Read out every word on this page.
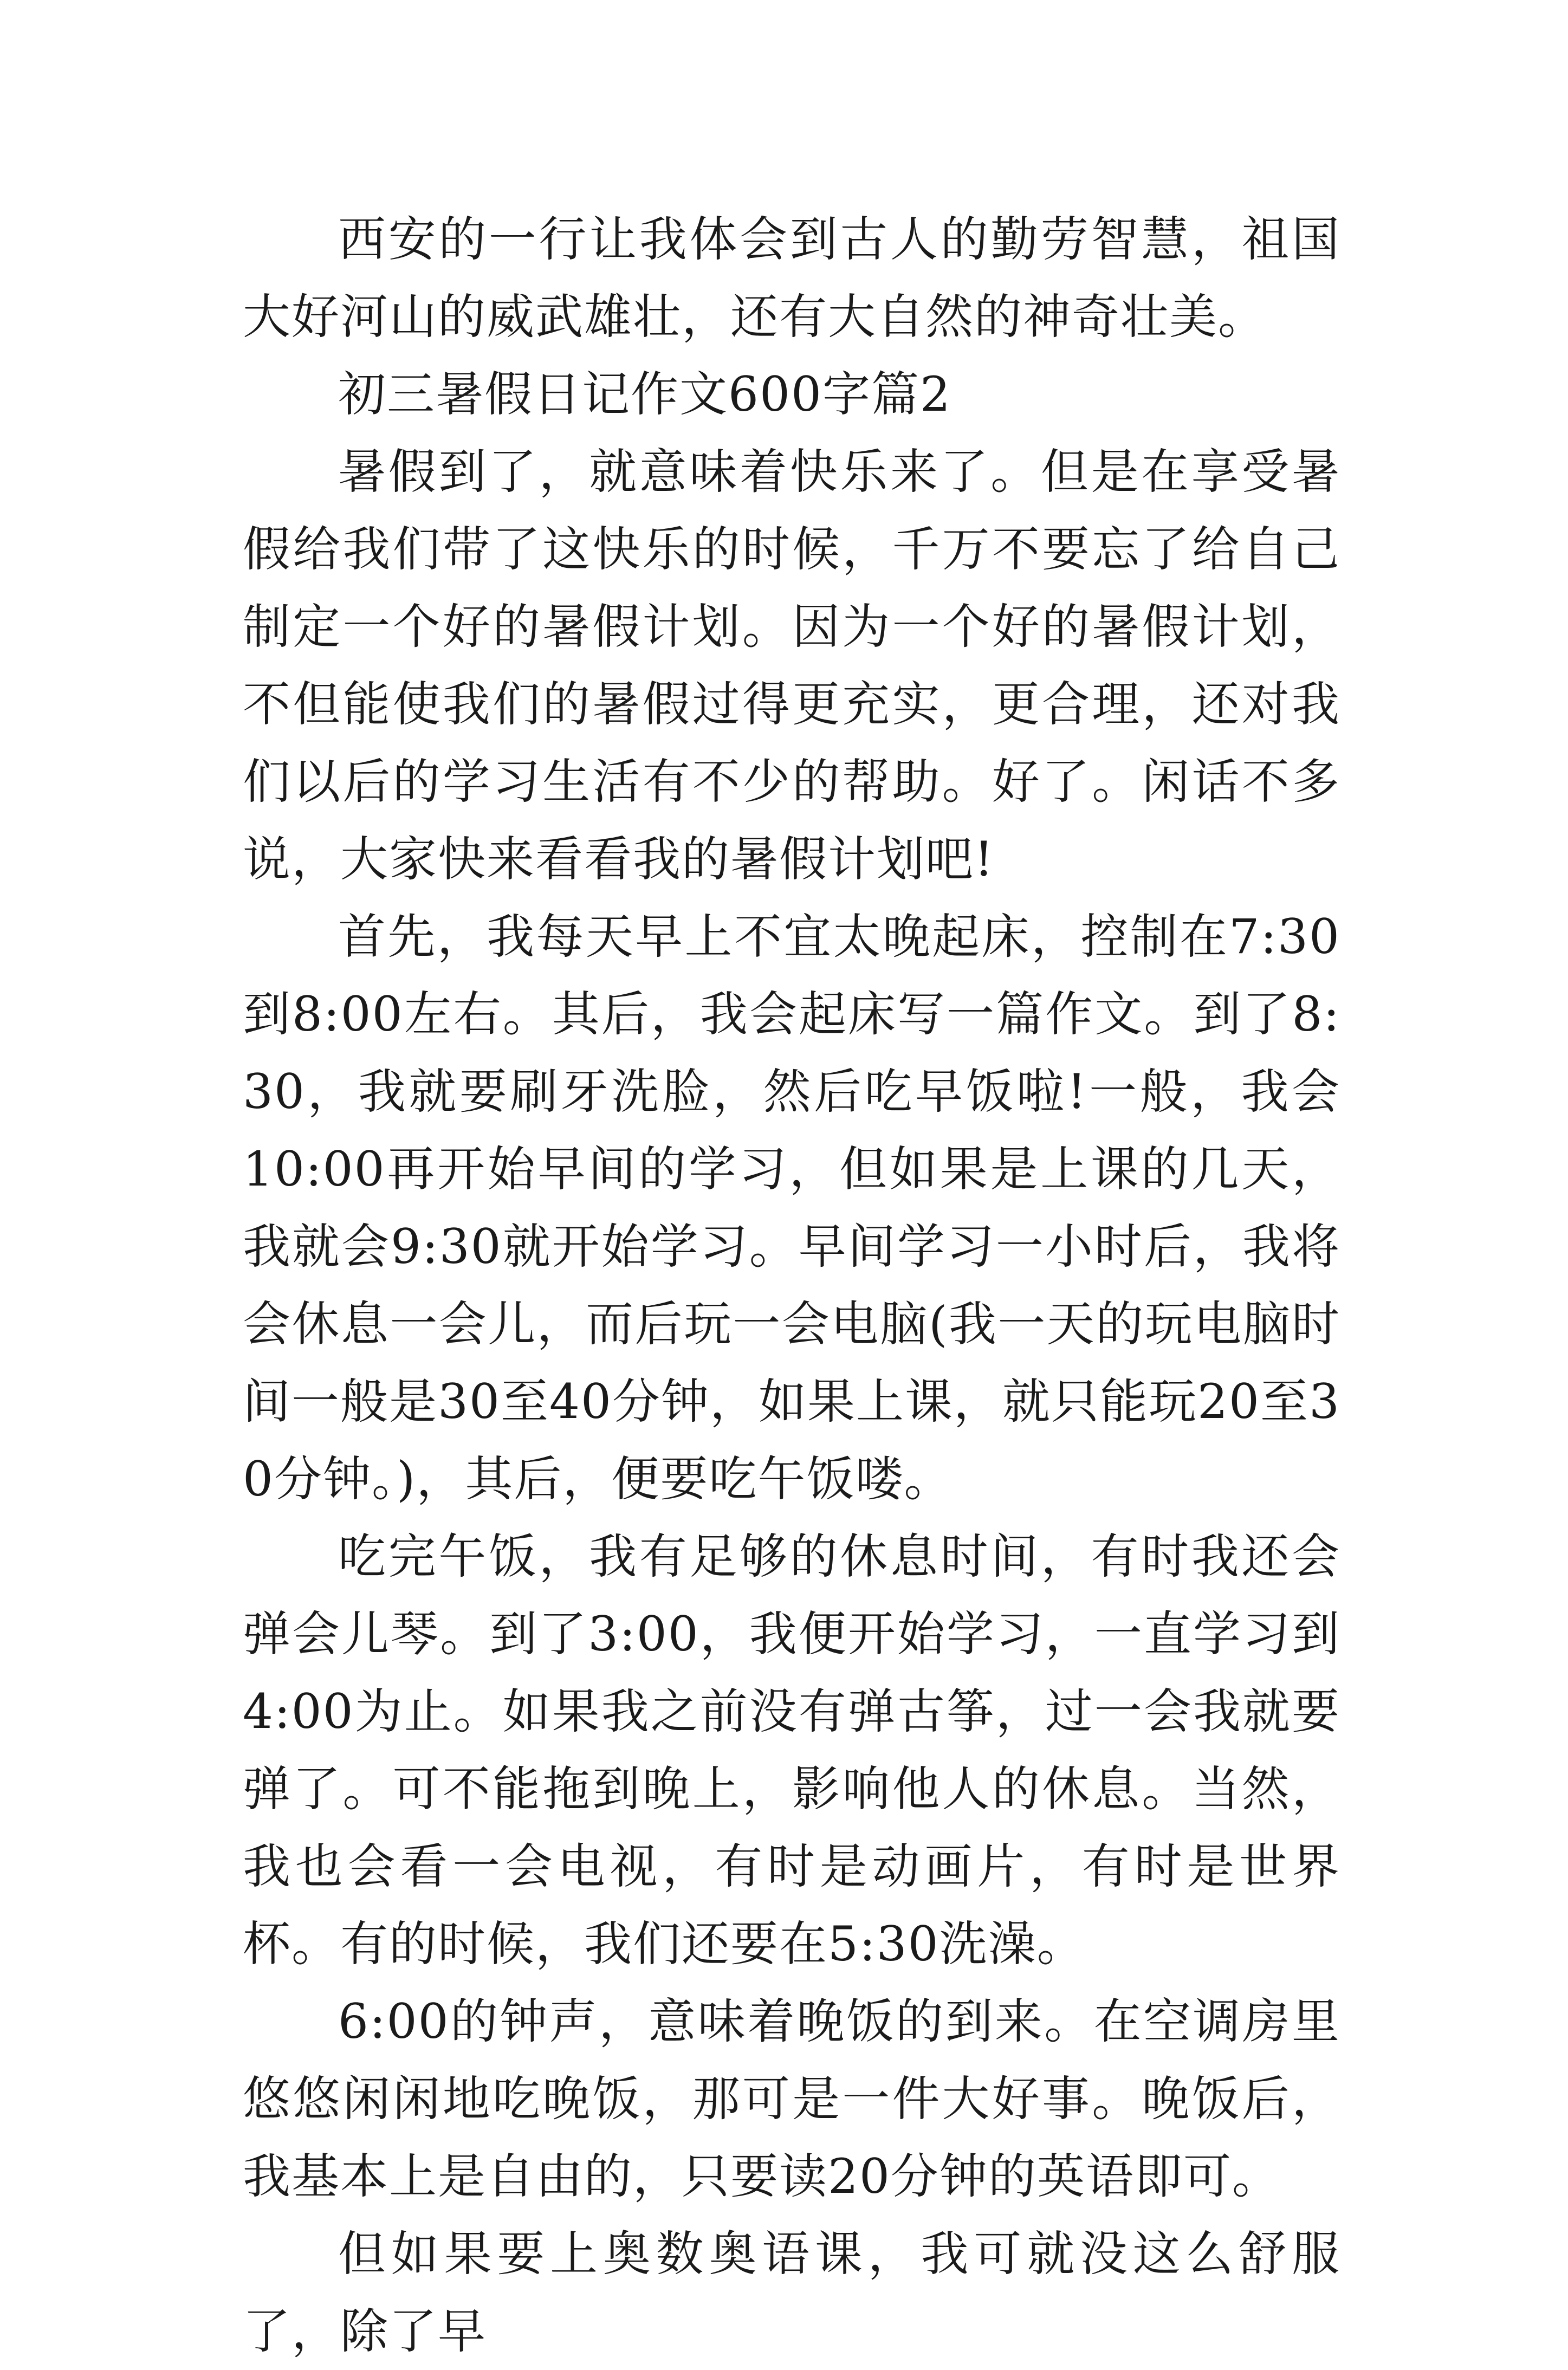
西安的一行让我体会到古人的勤劳智慧，祖国大好河山的威武雄壮，还有大自然的神奇壮美。

初三暑假日记作文600字篇2

暑假到了，就意味着快乐来了。但是在享受暑假给我们带了这快乐的时候，千万不要忘了给自己制定一个好的暑假计划。因为一个好的暑假计划，不但能使我们的暑假过得更充实，更合理，还对我们以后的学习生活有不少的帮助。好了。闲话不多说，大家快来看看我的暑假计划吧!

首先，我每天早上不宜太晚起床，控制在7:30到8:00左右。其后，我会起床写一篇作文。到了8:30，我就要刷牙洗脸，然后吃早饭啦!一般，我会 10:00再开始早间的学习，但如果是上课的几天，我就会9:30就开始学习。早间学习一小时后，我将会休息一会儿，而后玩一会电脑(我一天的玩电脑时间一般是30至40分钟，如果上课，就只能玩20至30分钟。)，其后，便要吃午饭喽。

吃完午饭，我有足够的休息时间，有时我还会弹会儿琴。到了3:00，我便开始学习，一直学习到4:00为止。如果我之前没有弹古筝，过一会我就要弹了。可不能拖到晚上，影响他人的休息。当然，我也会看一会电视，有时是动画片，有时是世界杯。有的时候，我们还要在5:30洗澡。

6:00的钟声，意味着晚饭的到来。在空调房里悠悠闲闲地吃晚饭，那可是一件大好事。晚饭后，我基本上是自由的，只要读20分钟的英语即可。

但如果要上奥数奥语课，我可就没这么舒服了，除了早
